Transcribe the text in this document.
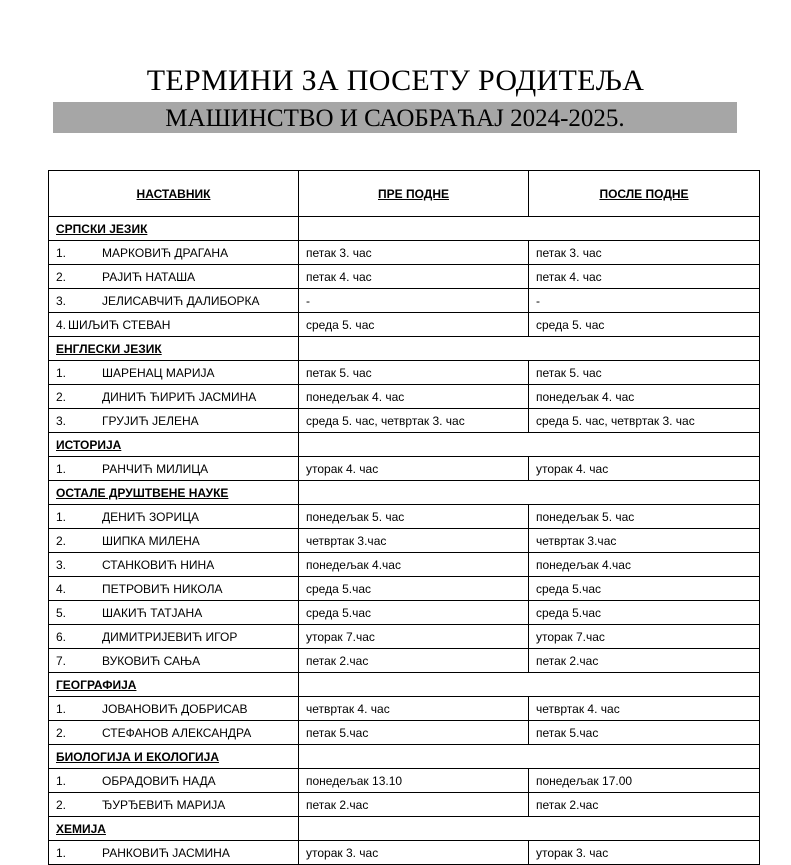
ТЕРМИНИ ЗА ПОСЕТУ РОДИТЕЉА
МАШИНСТВО И САОБРАЋАЈ 2024-2025.
НАСТАВНИК	ПРЕ ПОДНЕ	ПОСЛЕ ПОДНЕ
СРПСКИ ЈЕЗИК		
1. МАРКОВИЋ ДРАГАНА	петак 3. час	петак 3. час
2. РАЈИЋ НАТАША	петак 4. час	петак 4. час
3. ЈЕЛИСАВЧИЋ ДАЛИБОРКА	-	-
4. ШИЉИЋ СТЕВАН	среда 5. час	среда 5. час
ЕНГЛЕСКИ ЈЕЗИК		
1. ШАРЕНАЦ МАРИЈА	петак 5. час	петак 5. час
2. ДИНИЋ ЋИРИЋ ЈАСМИНА	понедељак 4. час	понедељак 4. час
3. ГРУЈИЋ ЈЕЛЕНА	среда 5. час, четвртак 3. час	среда 5. час, четвртак 3. час
ИСТОРИЈА		
1. РАНЧИЋ МИЛИЦА	уторак 4. час	уторак 4. час
ОСТАЛЕ ДРУШТВЕНЕ НАУКЕ		
1. ДЕНИЋ ЗОРИЦА	понедељак 5. час	понедељак 5. час
2. ШИПКА МИЛЕНА	четвртак 3.час	четвртак 3.час
3. СТАНКОВИЋ НИНА	понедељак 4.час	понедељак 4.час
4. ПЕТРОВИЋ НИКОЛА	среда 5.час	среда 5.час
5. ШАКИЋ ТАТЈАНА	среда 5.час	среда 5.час
6. ДИМИТРИЈЕВИЋ ИГОР	уторак 7.час	уторак 7.час
7. ВУКОВИЋ САЊА	петак 2.час	петак 2.час
ГЕОГРАФИЈА		
1. ЈОВАНОВИЋ ДОБРИСАВ	четвртак 4. час	четвртак 4. час
2. СТЕФАНОВ АЛЕКСАНДРА	петак 5.час	петак 5.час
БИОЛОГИЈА И ЕКОЛОГИЈА		
1. ОБРАДОВИЋ НАДА	понедељак 13.10	понедељак 17.00
2. ЂУРЂЕВИЋ МАРИЈА	петак 2.час	петак 2.час
ХЕМИЈА		
1. РАНКОВИЋ ЈАСМИНА	уторак 3. час	уторак 3. час
